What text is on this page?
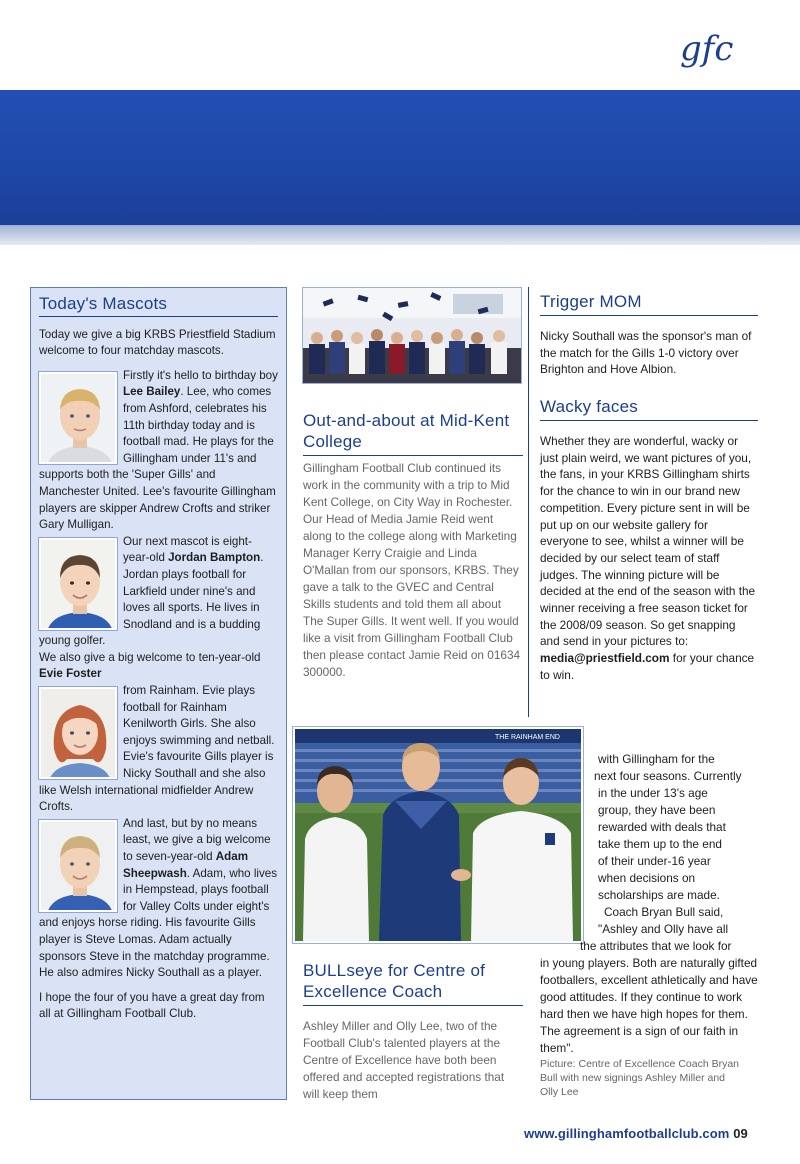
gfc
Today's Mascots

Today we give a big KRBS Priestfield Stadium welcome to four matchday mascots.

Firstly it's hello to birthday boy Lee Bailey. Lee, who comes from Ashford, celebrates his 11th birthday today and is football mad. He plays for the Gillingham under 11's and supports both the 'Super Gills' and Manchester United. Lee's favourite Gillingham players are skipper Andrew Crofts and striker Gary Mulligan.

Our next mascot is eight-year-old Jordan Bampton. Jordan plays football for Larkfield under nine's and loves all sports. He lives in Snodland and is a budding young golfer.

We also give a big welcome to ten-year-old Evie Foster

from Rainham. Evie plays football for Rainham Kenilworth Girls. She also enjoys swimming and netball. Evie's favourite Gills player is Nicky Southall and she also like Welsh international midfielder Andrew Crofts.

And last, but by no means least, we give a big welcome to seven-year-old Adam Sheepwash. Adam, who lives in Hempstead, plays football for Valley Colts under eight's and enjoys horse riding. His favourite Gills player is Steve Lomas. Adam actually sponsors Steve in the matchday programme. He also admires Nicky Southall as a player.

I hope the four of you have a great day from all at Gillingham Football Club.

Out-and-about at Mid-Kent College
Gillingham Football Club continued its work in the community with a trip to Mid Kent College, on City Way in Rochester. Our Head of Media Jamie Reid went along to the college along with Marketing Manager Kerry Craigie and Linda O'Mallan from our sponsors, KRBS. They gave a talk to the GVEC and Central Skills students and told them all about The Super Gills. It went well. If you would like a visit from Gillingham Football Club then please contact Jamie Reid on 01634 300000.
Trigger MOM
Nicky Southall was the sponsor's man of the match for the Gills 1-0 victory over Brighton and Hove Albion.
Wacky faces
Whether they are wonderful, wacky or just plain weird, we want pictures of you, the fans, in your KRBS Gillingham shirts for the chance to win in our brand new competition. Every picture sent in will be put up on our website gallery for everyone to see, whilst a winner will be decided by our select team of staff judges. The winning picture will be decided at the end of the season with the winner receiving a free season ticket for the 2008/09 season. So get snapping and send in your pictures to: media@priestfield.com for your chance to win.
THE RAINHAM END
BULLseye for Centre of Excellence Coach
Ashley Miller and Olly Lee, two of the Football Club's talented players at the Centre of Excellence have both been offered and accepted registrations that will keep them
with Gillingham for the
next four seasons. Currently
in the under 13's age
group, they have been
rewarded with deals that
take them up to the end
of their under-16 year
when decisions on
scholarships are made.
Coach Bryan Bull said,
"Ashley and Olly have all
the attributes that we look for
in young players. Both are naturally gifted footballers, excellent athletically and have good attitudes. If they continue to work hard then we have high hopes for them. The agreement is a sign of our faith in them".
Picture: Centre of Excellence Coach Bryan Bull with new signings Ashley Miller and Olly Lee
www.gillinghamfootballclub.com 09
